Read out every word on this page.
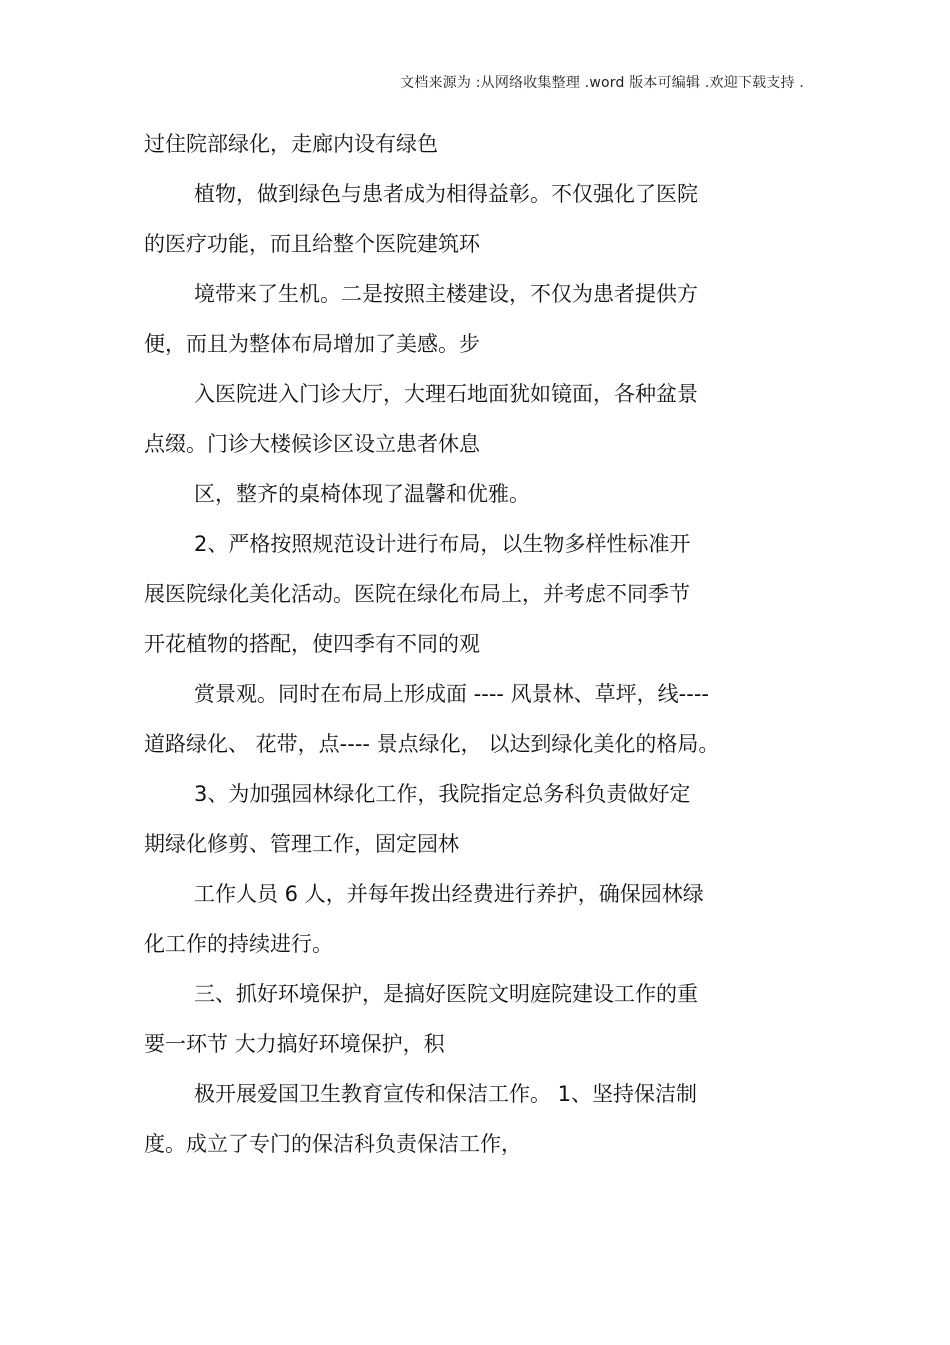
文档来源为 :从网络收集整理 .word 版本可编辑 .欢迎下载支持 .
过住院部绿化，走廊内设有绿色
植物，做到绿色与患者成为相得益彰。不仅强化了医院
的医疗功能，而且给整个医院建筑环
境带来了生机。二是按照主楼建设，不仅为患者提供方
便，而且为整体布局增加了美感。步
入医院进入门诊大厅，大理石地面犹如镜面，各种盆景
点缀。门诊大楼候诊区设立患者休息
区，整齐的桌椅体现了温馨和优雅。
2、严格按照规范设计进行布局，以生物多样性标准开
展医院绿化美化活动。医院在绿化布局上，并考虑不同季节
开花植物的搭配，使四季有不同的观
赏景观。同时在布局上形成面 ---- 风景林、草坪，线----
道路绿化、 花带，点---- 景点绿化， 以达到绿化美化的格局。
3、为加强园林绿化工作，我院指定总务科负责做好定
期绿化修剪、管理工作，固定园林
工作人员 6 人，并每年拨出经费进行养护，确保园林绿
化工作的持续进行。
三、抓好环境保护，是搞好医院文明庭院建设工作的重
要一环节 大力搞好环境保护，积
极开展爱国卫生教育宣传和保洁工作。 1、坚持保洁制
度。成立了专门的保洁科负责保洁工作，
